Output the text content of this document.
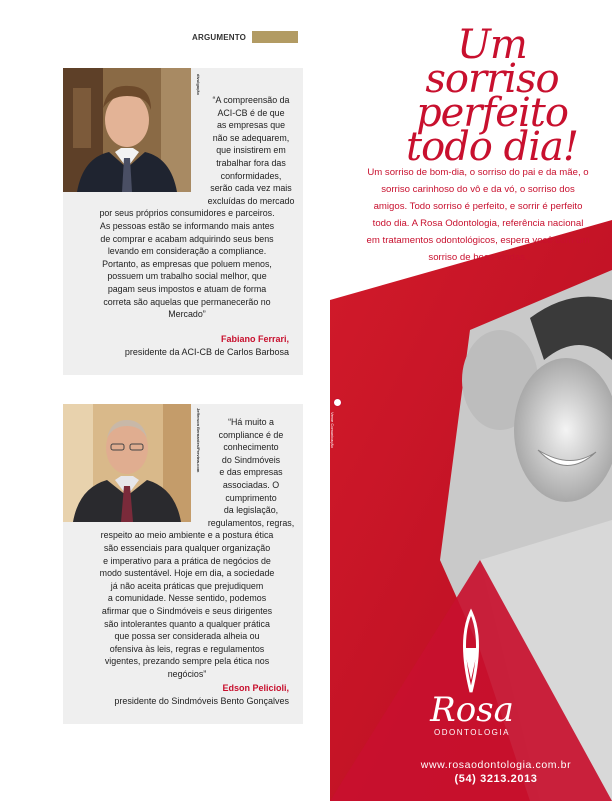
ARGUMENTO
divulgação
“A compreensão da
ACI-CB é de que
as empresas que
não se adequarem,
que insistirem em
trabalhar fora das
conformidades,
serão cada vez mais
excluídas do mercado
por seus próprios consumidores e parceiros.
As pessoas estão se informando mais antes
de comprar e acabam adquirindo seus bens
levando em consideração a compliance.
Portanto, as empresas que poluem menos,
possuem um trabalho social melhor, que
pagam seus impostos e atuam de forma
correta são aquelas que permanecerão no
Mercado”
Fabiano Ferrari,
presidente da ACI-CB de Carlos Barbosa
Jefferson Bernardes/Preview.com	“Há muito a
compliance é de
conhecimento
do Sindmóveis
e das empresas
associadas. O
cumprimento
da legislação,
regulamentos, regras,
respeito ao meio ambiente e a postura ética
são essenciais para qualquer organização
e imperativo para a prática de negócios de
modo sustentável. Hoje em dia, a sociedade
já não aceita práticas que prejudiquem
a comunidade. Nesse sentido, podemos
afirmar que o Sindmóveis e seus dirigentes
são intolerantes quanto a qualquer prática
que possa ser considerada alheia ou
ofensiva às leis, regras e regulamentos
vigentes, prezando sempre pela ética nos
negócios”
Edson Pelicioli,
presidente do Sindmóveis Bento Gonçalves
Um sorriso
perfeito
todo dia!

Um sorriso de bom-dia, o sorriso do pai e da mãe, o sorriso carinhoso do vô e da vó, o sorriso dos amigos. Todo sorriso é perfeito, e sorrir é perfeito todo dia. A Rosa Odontologia, referência nacional em tratamentos odontológicos, espera você com um sorriso de boas-vindas.

Verve Comunicação
Rosa
ODONTOLOGIA
www.rosaodontologia.com.br
(54) 3213.2013
